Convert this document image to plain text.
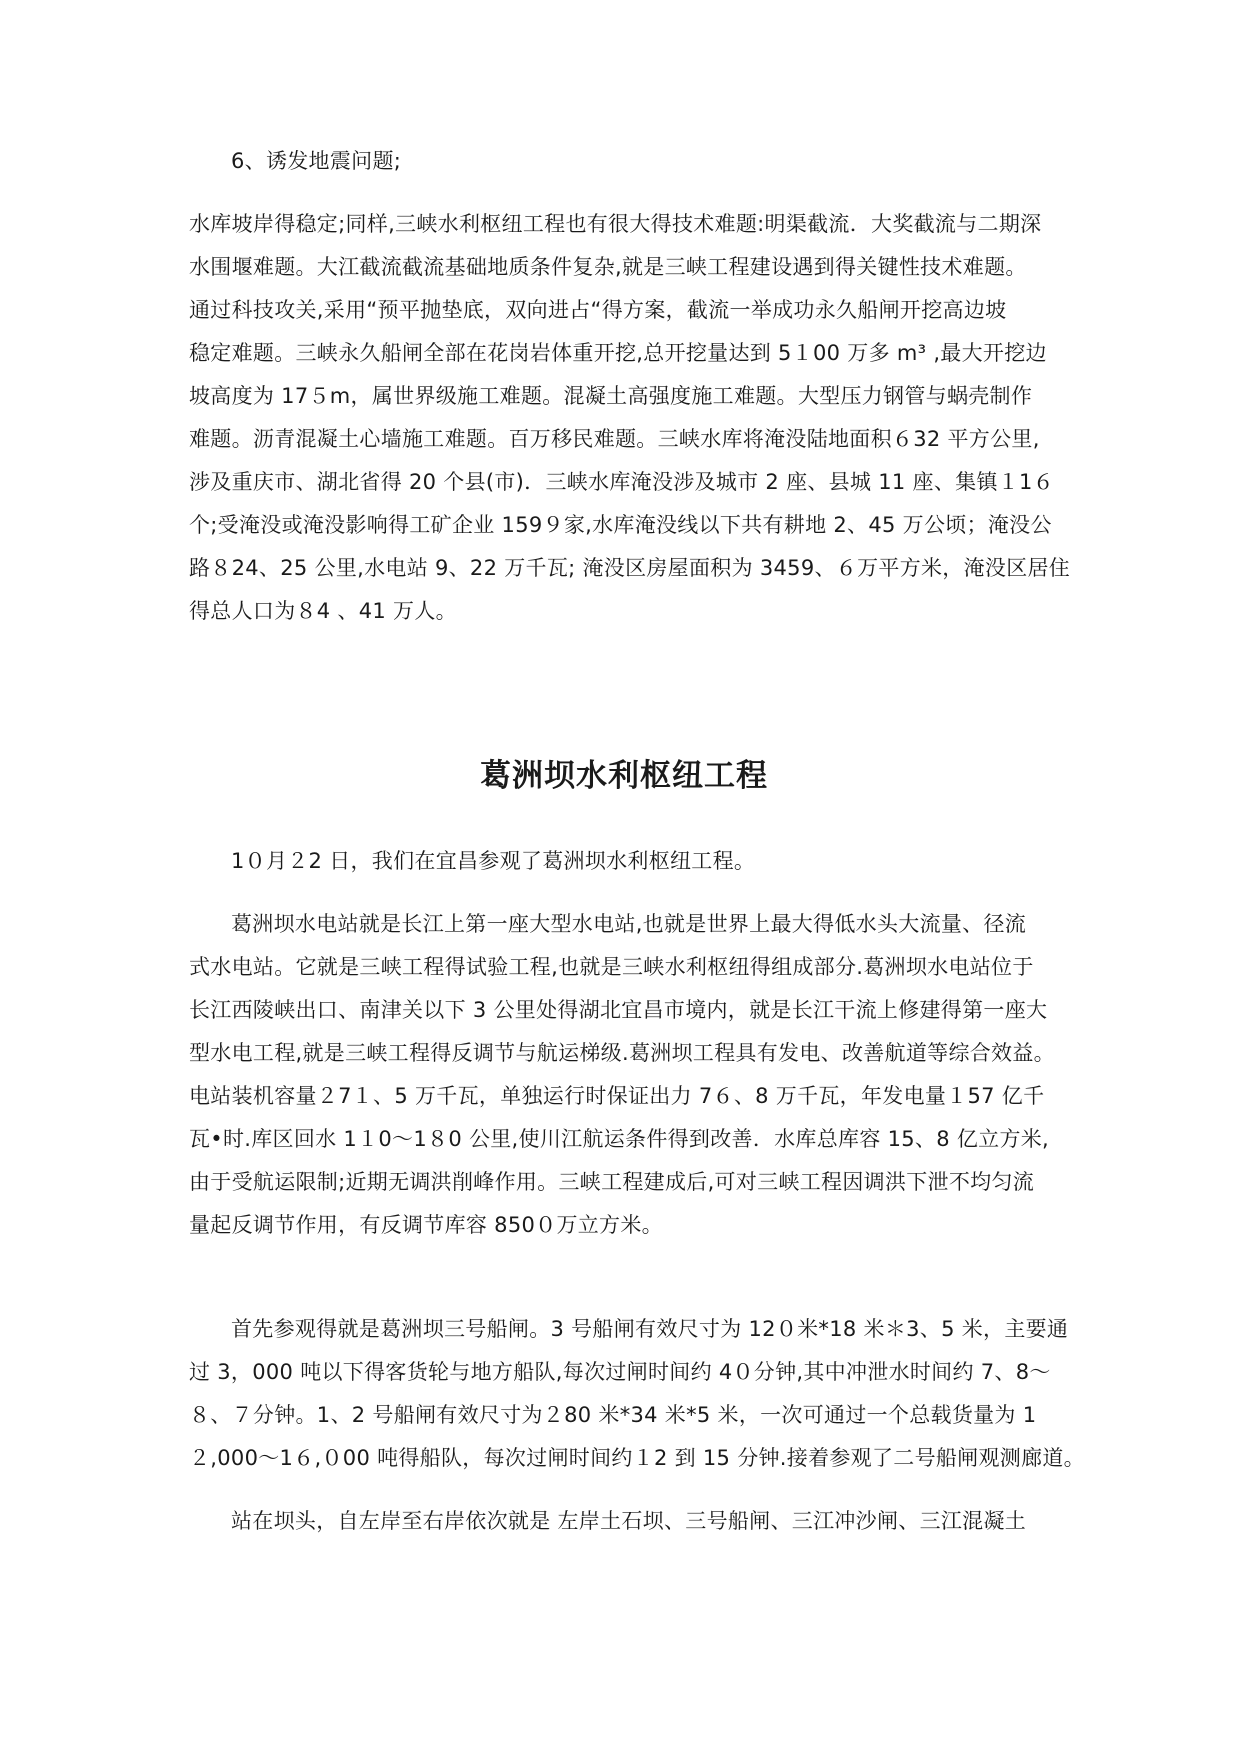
6、诱发地震问题;
水库坡岸得稳定;同样,三峡水利枢纽工程也有很大得技术难题:明渠截流．大奖截流与二期深
水围堰难题。大江截流截流基础地质条件复杂,就是三峡工程建设遇到得关键性技术难题。
通过科技攻关,采用“预平抛垫底，双向进占“得方案，截流一举成功永久船闸开挖高边坡
稳定难题。三峡永久船闸全部在花岗岩体重开挖,总开挖量达到 5１00 万多 m³ ,最大开挖边
坡高度为 17５m，属世界级施工难题。混凝土高强度施工难题。大型压力钢管与蜗壳制作
难题。沥青混凝土心墙施工难题。百万移民难题。三峡水库将淹没陆地面积６32 平方公里,
涉及重庆市、湖北省得 20 个县(市)．三峡水库淹没涉及城市 2 座、县城 11 座、集镇１1６
个;受淹没或淹没影响得工矿企业 159９家,水库淹没线以下共有耕地 2、45 万公顷；淹没公
路８24、25 公里,水电站 9、22 万千瓦; 淹没区房屋面积为 3459、６万平方米，淹没区居住
得总人口为８4 、41 万人。
葛洲坝水利枢纽工程
1０月２2 日，我们在宜昌参观了葛洲坝水利枢纽工程。
葛洲坝水电站就是长江上第一座大型水电站,也就是世界上最大得低水头大流量、径流
式水电站。它就是三峡工程得试验工程,也就是三峡水利枢纽得组成部分.葛洲坝水电站位于
长江西陵峡出口、南津关以下 3 公里处得湖北宜昌市境内，就是长江干流上修建得第一座大
型水电工程,就是三峡工程得反调节与航运梯级.葛洲坝工程具有发电、改善航道等综合效益。
电站装机容量２7１、5 万千瓦，单独运行时保证出力 7６、8 万千瓦，年发电量１57 亿千
瓦•时.库区回水 1１0～1８0 公里,使川江航运条件得到改善．水库总库容 15、8 亿立方米,
由于受航运限制;近期无调洪削峰作用。三峡工程建成后,可对三峡工程因调洪下泄不均匀流
量起反调节作用，有反调节库容 850０万立方米。
首先参观得就是葛洲坝三号船闸。3 号船闸有效尺寸为 12０米*18 米＊3、5 米，主要通
过 3，000 吨以下得客货轮与地方船队,每次过闸时间约 4０分钟,其中冲泄水时间约 7、8～
８、７分钟。1、2 号船闸有效尺寸为２80 米*34 米*5 米，一次可通过一个总载货量为 1
２,000～1６,０00 吨得船队，每次过闸时间约１2 到 15 分钟.接着参观了二号船闸观测廊道。
站在坝头，自左岸至右岸依次就是 左岸土石坝、三号船闸、三江冲沙闸、三江混凝土
